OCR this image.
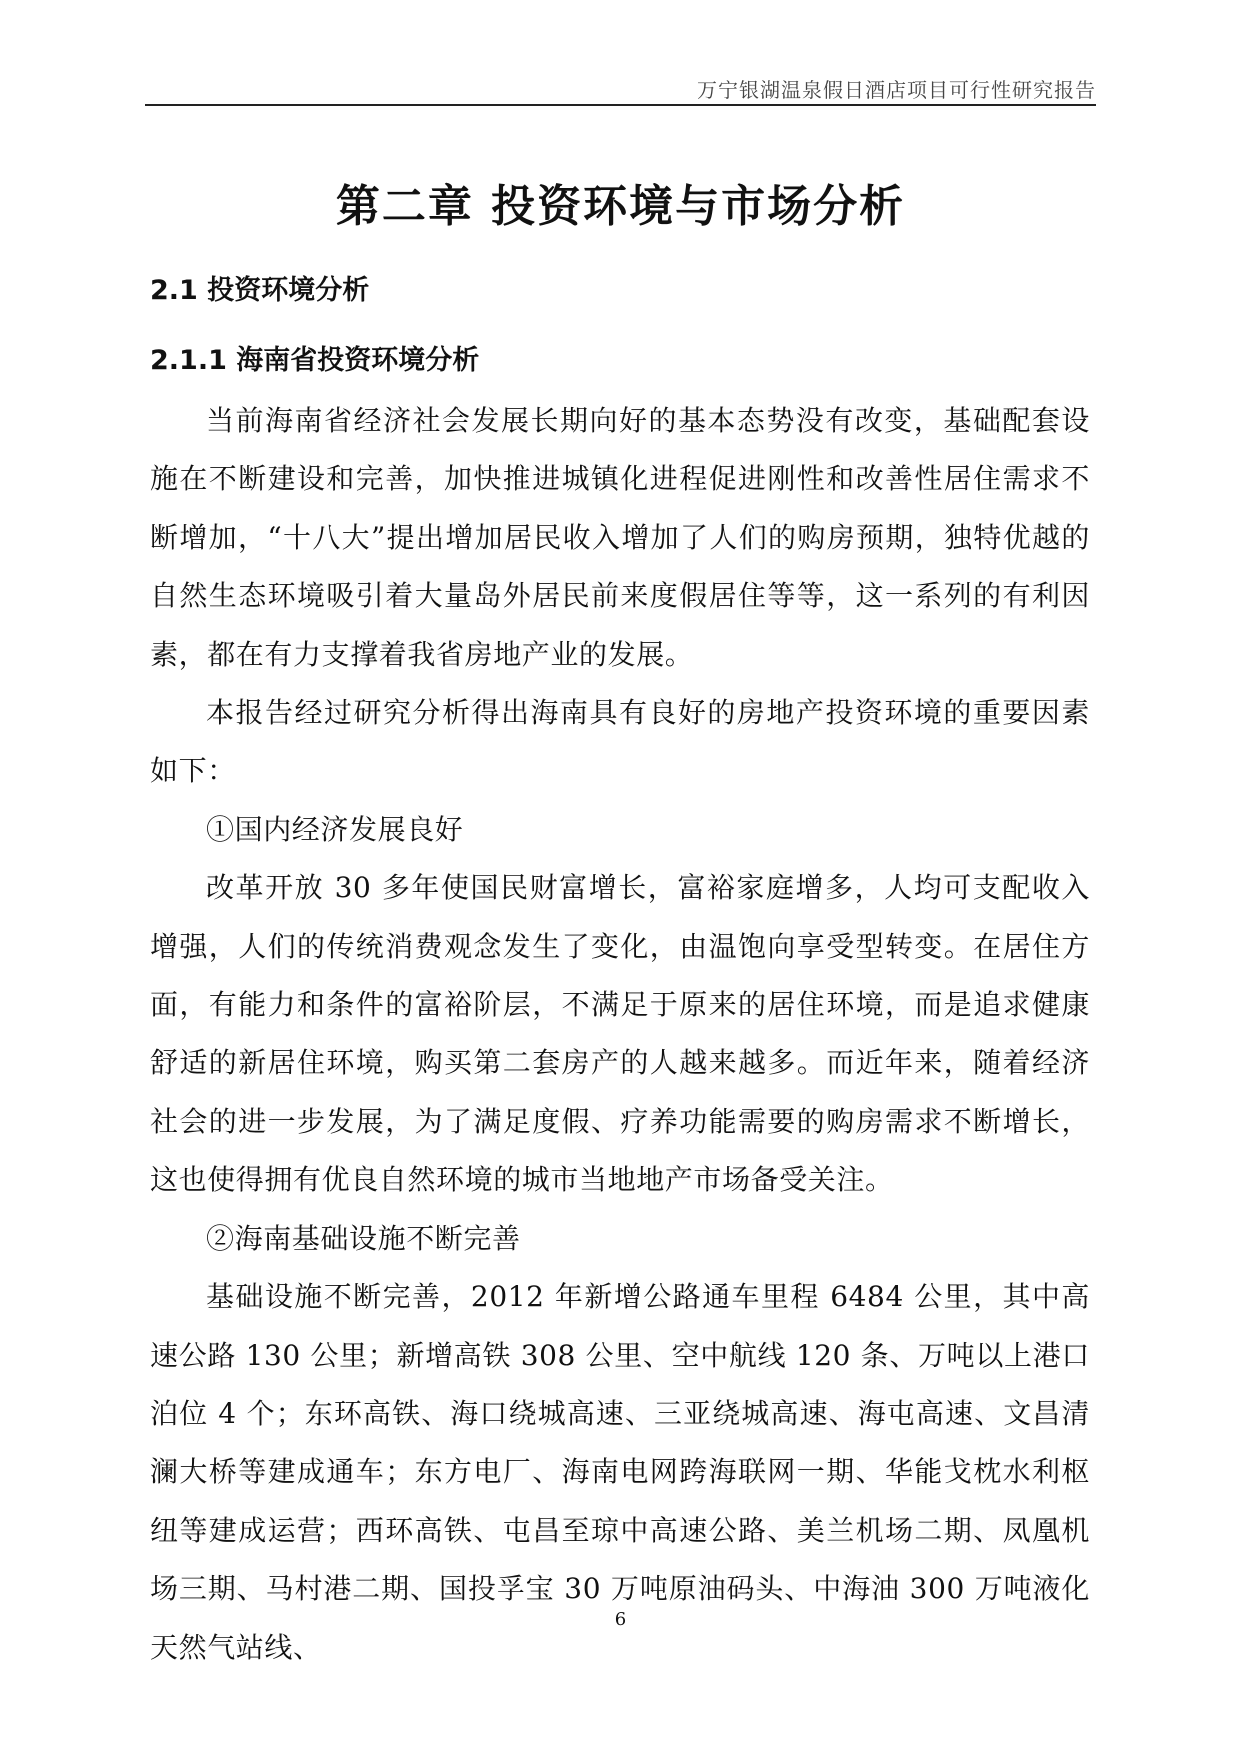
万宁银湖温泉假日酒店项目可行性研究报告
第二章 投资环境与市场分析
2.1 投资环境分析
2.1.1 海南省投资环境分析

当前海南省经济社会发展长期向好的基本态势没有改变，基础配套设施在不断建设和完善，加快推进城镇化进程促进刚性和改善性居住需求不断增加，“十八大”提出增加居民收入增加了人们的购房预期，独特优越的自然生态环境吸引着大量岛外居民前来度假居住等等，这一系列的有利因素，都在有力支撑着我省房地产业的发展。

本报告经过研究分析得出海南具有良好的房地产投资环境的重要因素如下：

①国内经济发展良好

改革开放 30 多年使国民财富增长，富裕家庭增多，人均可支配收入增强，人们的传统消费观念发生了变化，由温饱向享受型转变。在居住方面，有能力和条件的富裕阶层，不满足于原来的居住环境，而是追求健康舒适的新居住环境，购买第二套房产的人越来越多。而近年来，随着经济社会的进一步发展，为了满足度假、疗养功能需要的购房需求不断增长，这也使得拥有优良自然环境的城市当地地产市场备受关注。

②海南基础设施不断完善

基础设施不断完善，2012 年新增公路通车里程 6484 公里，其中高速公路 130 公里；新增高铁 308 公里、空中航线 120 条、万吨以上港口泊位 4 个；东环高铁、海口绕城高速、三亚绕城高速、海屯高速、文昌清澜大桥等建成通车；东方电厂、海南电网跨海联网一期、华能戈枕水利枢纽等建成运营；西环高铁、屯昌至琼中高速公路、美兰机场二期、凤凰机场三期、马村港二期、国投孚宝 30 万吨原油码头、中海油 300 万吨液化天然气站线、

6
